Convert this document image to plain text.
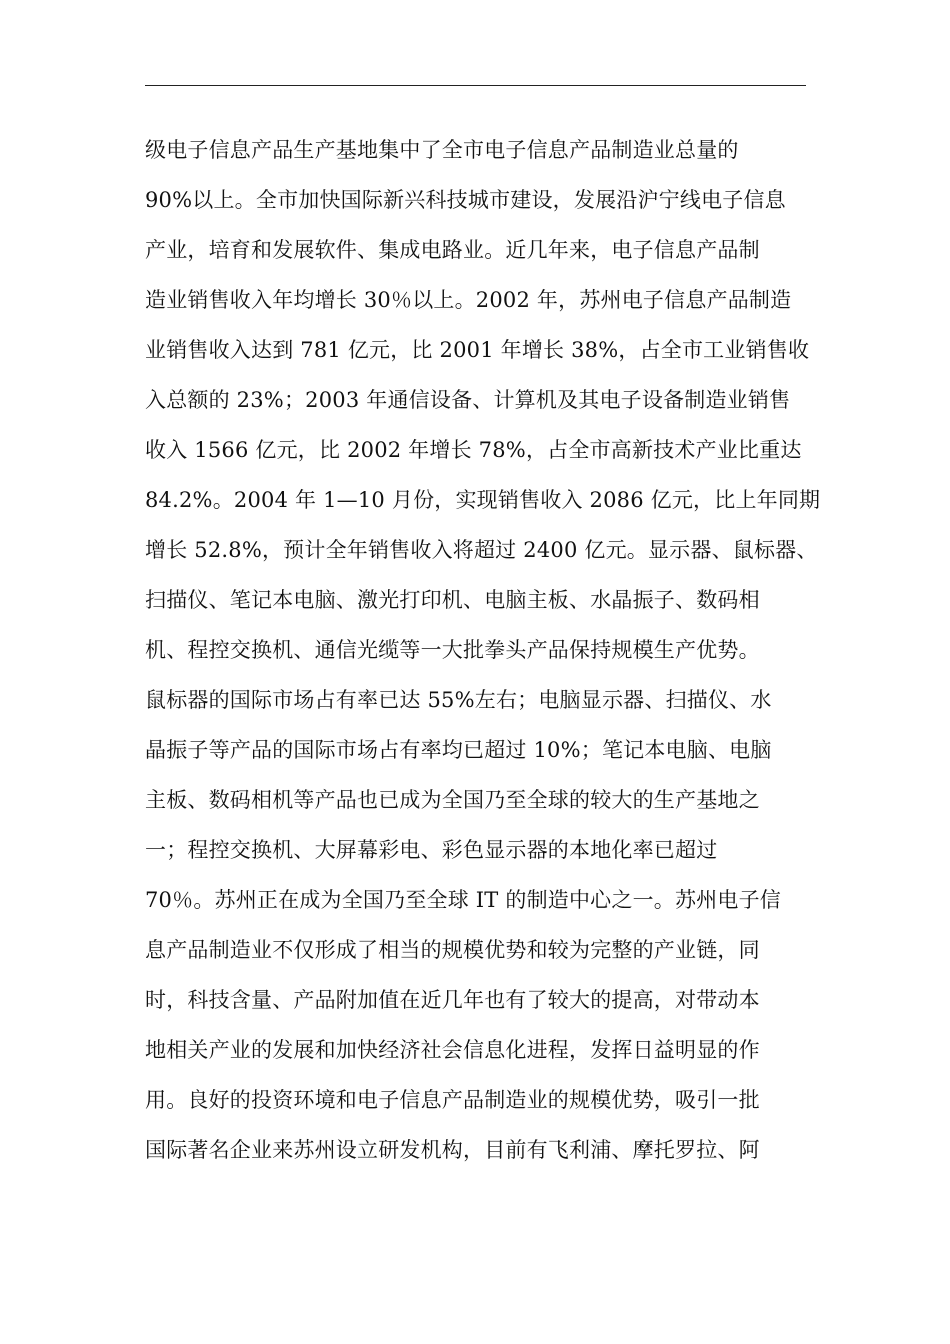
级电子信息产品生产基地集中了全市电子信息产品制造业总量的
90%以上。全市加快国际新兴科技城市建设，发展沿沪宁线电子信息
产业，培育和发展软件、集成电路业。近几年来，电子信息产品制
造业销售收入年均增长 30％以上。2002 年，苏州电子信息产品制造
业销售收入达到 781 亿元，比 2001 年增长 38%，占全市工业销售收
入总额的 23%；2003 年通信设备、计算机及其电子设备制造业销售
收入 1566 亿元，比 2002 年增长 78%，占全市高新技术产业比重达
84.2%。2004 年 1—10 月份，实现销售收入 2086 亿元，比上年同期
增长 52.8%，预计全年销售收入将超过 2400 亿元。显示器、鼠标器、
扫描仪、笔记本电脑、激光打印机、电脑主板、水晶振子、数码相
机、程控交换机、通信光缆等一大批拳头产品保持规模生产优势。
鼠标器的国际市场占有率已达 55%左右；电脑显示器、扫描仪、水
晶振子等产品的国际市场占有率均已超过 10%；笔记本电脑、电脑
主板、数码相机等产品也已成为全国乃至全球的较大的生产基地之
一；程控交换机、大屏幕彩电、彩色显示器的本地化率已超过
70％。苏州正在成为全国乃至全球 IT 的制造中心之一。苏州电子信
息产品制造业不仅形成了相当的规模优势和较为完整的产业链，同
时，科技含量、产品附加值在近几年也有了较大的提高，对带动本
地相关产业的发展和加快经济社会信息化进程，发挥日益明显的作
用。良好的投资环境和电子信息产品制造业的规模优势，吸引一批
国际著名企业来苏州设立研发机构，目前有飞利浦、摩托罗拉、阿
